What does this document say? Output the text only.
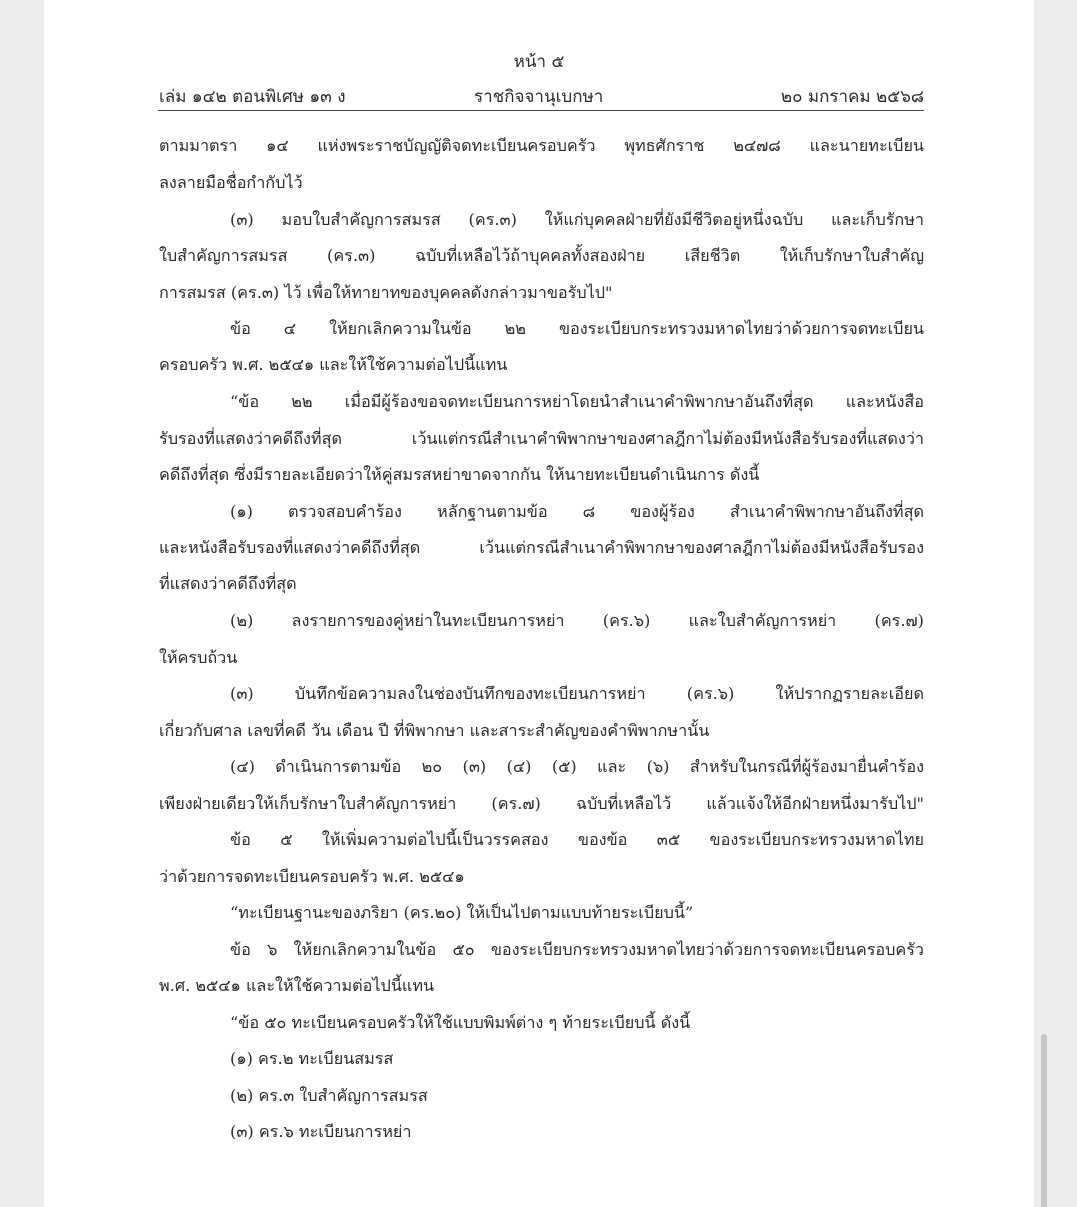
หน้า ๕
เล่ม ๑๔๒ ตอนพิเศษ ๑๓ ง	ราชกิจจานุเบกษา	๒๐ มกราคม ๒๕๖๘
ตามมาตรา ๑๔ แห่งพระราชบัญญัติจดทะเบียนครอบครัว พุทธศักราช ๒๔๗๘ และนายทะเบียน
ลงลายมือชื่อกำกับไว้
(๓) มอบใบสำคัญการสมรส (คร.๓) ให้แก่บุคคลฝ่ายที่ยังมีชีวิตอยู่หนึ่งฉบับ และเก็บรักษา
ใบสำคัญการสมรส (คร.๓) ฉบับที่เหลือไว้ถ้าบุคคลทั้งสองฝ่าย เสียชีวิต ให้เก็บรักษาใบสำคัญ
การสมรส (คร.๓) ไว้ เพื่อให้ทายาทของบุคคลดังกล่าวมาขอรับไป"
ข้อ ๔ ให้ยกเลิกความในข้อ ๒๒ ของระเบียบกระทรวงมหาดไทยว่าด้วยการจดทะเบียน
ครอบครัว พ.ศ. ๒๕๔๑ และให้ใช้ความต่อไปนี้แทน
“ข้อ ๒๒ เมื่อมีผู้ร้องขอจดทะเบียนการหย่าโดยนำสำเนาคำพิพากษาอันถึงที่สุด และหนังสือ
รับรองที่แสดงว่าคดีถึงที่สุด เว้นแต่กรณีสำเนาคำพิพากษาของศาลฎีกาไม่ต้องมีหนังสือรับรองที่แสดงว่า
คดีถึงที่สุด ซึ่งมีรายละเอียดว่าให้คู่สมรสหย่าขาดจากกัน ให้นายทะเบียนดำเนินการ ดังนี้
(๑) ตรวจสอบคำร้อง หลักฐานตามข้อ ๘ ของผู้ร้อง สำเนาคำพิพากษาอันถึงที่สุด
และหนังสือรับรองที่แสดงว่าคดีถึงที่สุด เว้นแต่กรณีสำเนาคำพิพากษาของศาลฎีกาไม่ต้องมีหนังสือรับรอง
ที่แสดงว่าคดีถึงที่สุด
(๒) ลงรายการของคู่หย่าในทะเบียนการหย่า (คร.๖) และใบสำคัญการหย่า (คร.๗)
ให้ครบถ้วน
(๓) บันทึกข้อความลงในช่องบันทึกของทะเบียนการหย่า (คร.๖) ให้ปรากฏรายละเอียด
เกี่ยวกับศาล เลขที่คดี วัน เดือน ปี ที่พิพากษา และสาระสำคัญของคำพิพากษานั้น
(๔) ดำเนินการตามข้อ ๒๐ (๓) (๔) (๕) และ (๖) สำหรับในกรณีที่ผู้ร้องมายื่นคำร้อง
เพียงฝ่ายเดียวให้เก็บรักษาใบสำคัญการหย่า (คร.๗) ฉบับที่เหลือไว้ แล้วแจ้งให้อีกฝ่ายหนึ่งมารับไป"
ข้อ ๕ ให้เพิ่มความต่อไปนี้เป็นวรรคสอง ของข้อ ๓๕ ของระเบียบกระทรวงมหาดไทย
ว่าด้วยการจดทะเบียนครอบครัว พ.ศ. ๒๕๔๑
“ทะเบียนฐานะของภริยา (คร.๒๐) ให้เป็นไปตามแบบท้ายระเบียบนี้”
ข้อ ๖ ให้ยกเลิกความในข้อ ๕๐ ของระเบียบกระทรวงมหาดไทยว่าด้วยการจดทะเบียนครอบครัว
พ.ศ. ๒๕๔๑ และให้ใช้ความต่อไปนี้แทน
“ข้อ ๕๐ ทะเบียนครอบครัวให้ใช้แบบพิมพ์ต่าง ๆ ท้ายระเบียบนี้ ดังนี้
(๑) คร.๒ ทะเบียนสมรส
(๒) คร.๓ ใบสำคัญการสมรส
(๓) คร.๖ ทะเบียนการหย่า
